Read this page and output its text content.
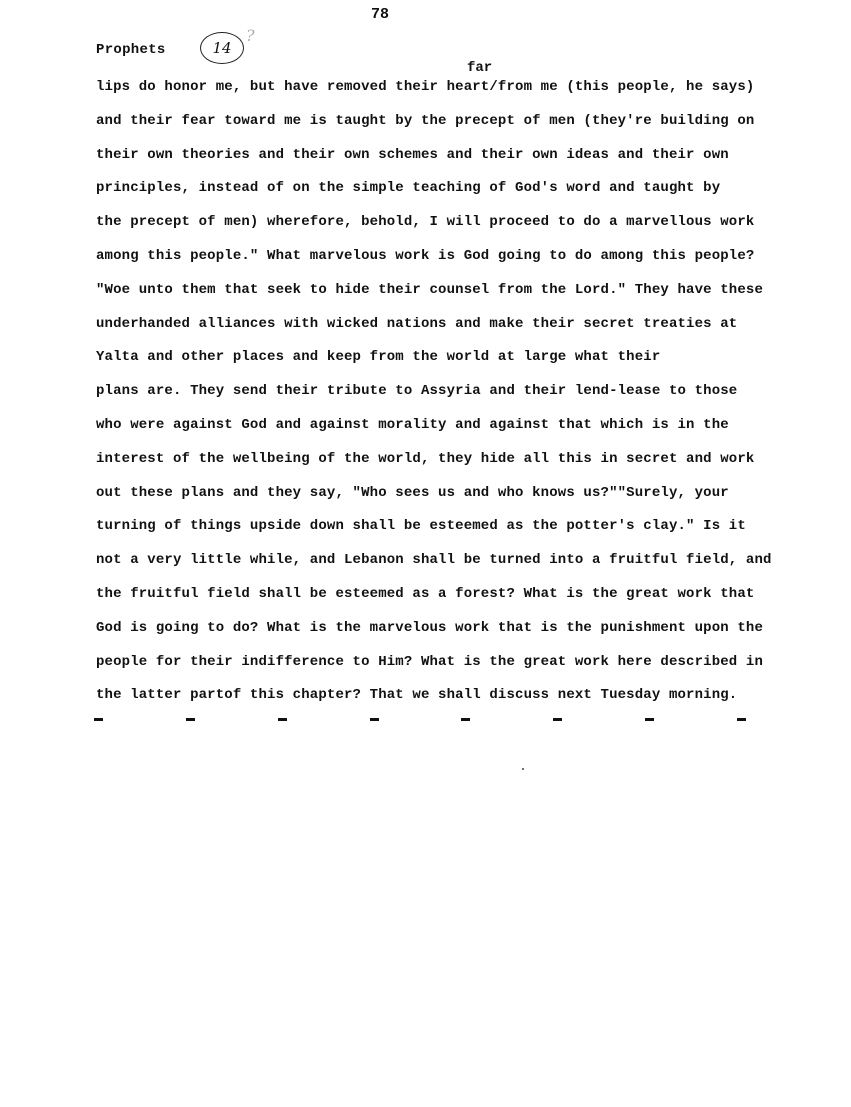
78
Prophets	14
?
far
lips do honor me, but have removed their heart/from me (this people, he says)
and their fear toward me is taught by the precept of men (they're building on
their own theories and their own schemes and their own ideas and their own
principles, instead of on the simple teaching of God's word and taught by
the precept of men) wherefore, behold, I will proceed to do a marvellous work
among this people." What marvelous work is God going to do among this people?
"Woe unto them that seek to hide their counsel from the Lord." They have these
underhanded alliances with wicked nations and make their secret treaties at
Yalta and other places and keep from the world at large what their
plans are. They send their tribute to Assyria and their lend-lease to those
who were against God and against morality and against that which is in the
interest of the wellbeing of the world, they hide all this in secret and work
out these plans and they say, "Who sees us and who knows us?""Surely, your
turning of things upside down shall be esteemed as the potter's clay." Is it
not a very little while, and Lebanon shall be turned into a fruitful field, and
the fruitful field shall be esteemed as a forest? What is the great work that
God is going to do? What is the marvelous work that is the punishment upon the
people for their indifference to Him? What is the great work here described in
the latter partof this chapter? That we shall discuss next Tuesday morning.
